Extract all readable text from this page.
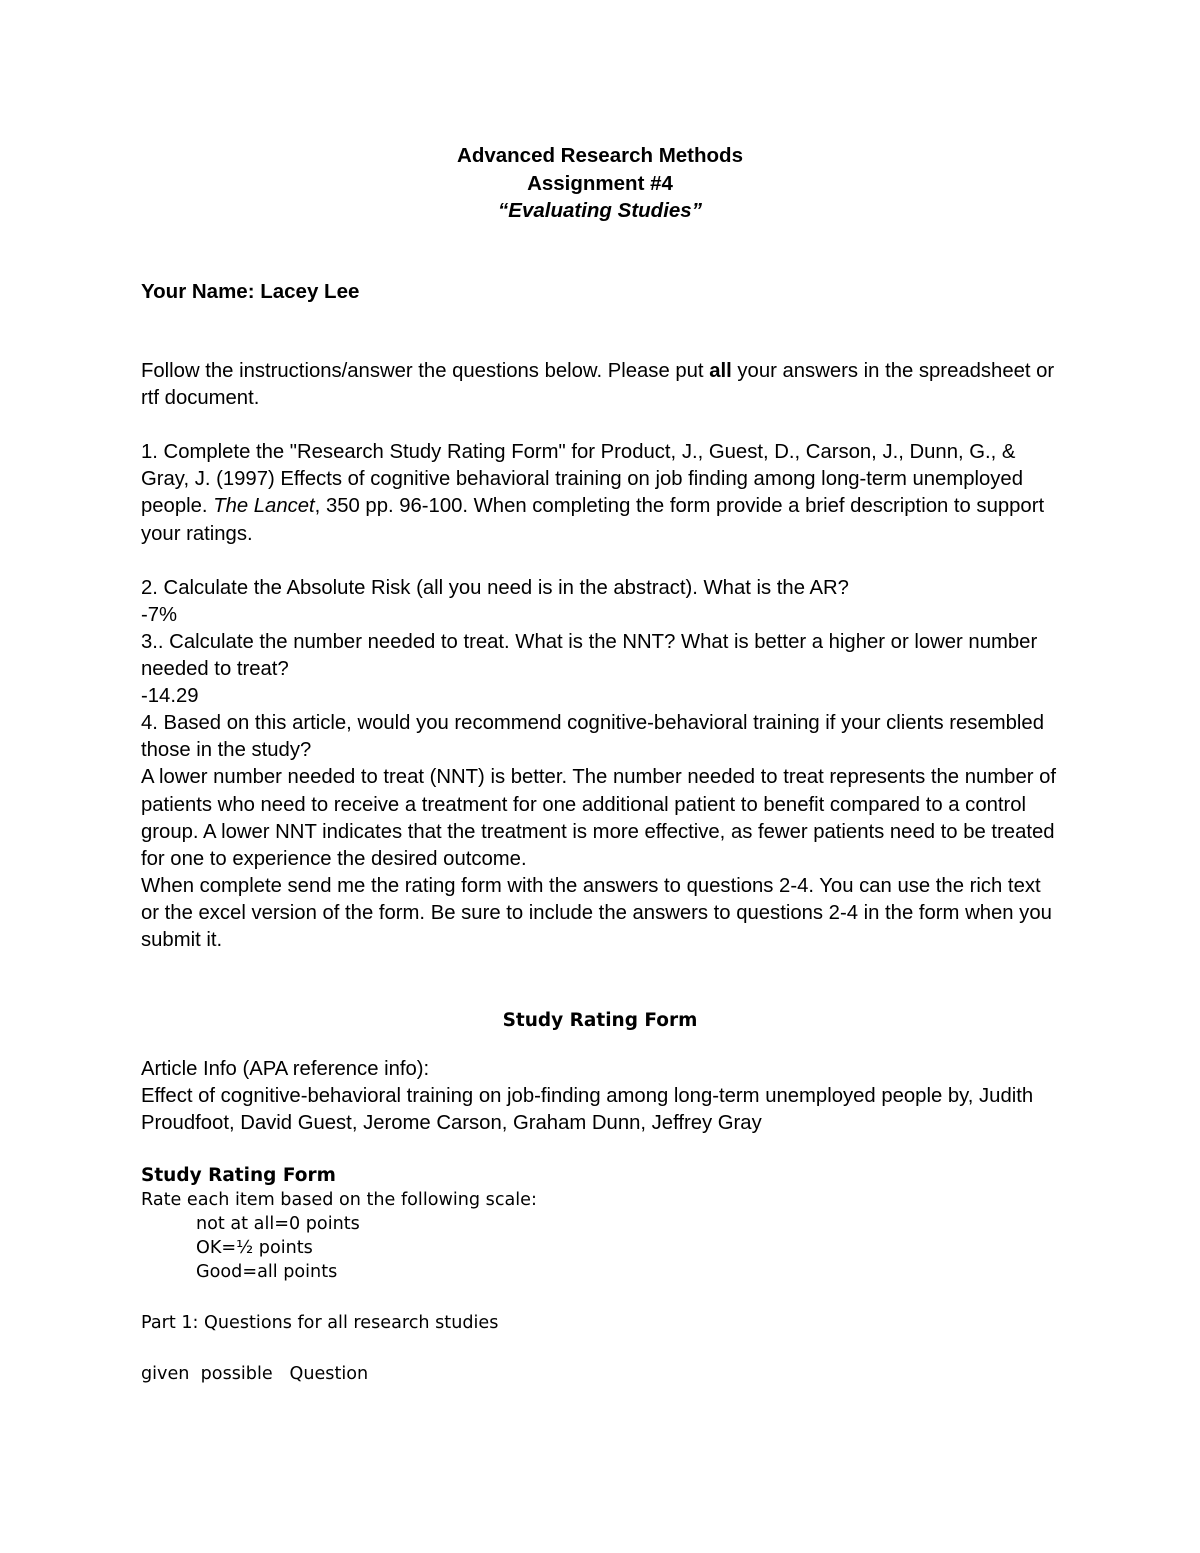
Advanced Research Methods
Assignment #4
“Evaluating Studies”
Your Name: Lacey Lee

Follow the instructions/answer the questions below. Please put all your answers in the spreadsheet or rtf document.

1. Complete the "Research Study Rating Form" for Product, J., Guest, D., Carson, J., Dunn, G., & Gray, J. (1997) Effects of cognitive behavioral training on job finding among long-term unemployed people. The Lancet, 350 pp. 96-100. When completing the form provide a brief description to support your ratings.

2. Calculate the Absolute Risk (all you need is in the abstract). What is the AR?

-7%

3.. Calculate the number needed to treat. What is the NNT? What is better a higher or lower number needed to treat?

-14.29

4. Based on this article, would you recommend cognitive-behavioral training if your clients resembled those in the study?

A lower number needed to treat (NNT) is better. The number needed to treat represents the number of patients who need to receive a treatment for one additional patient to benefit compared to a control group. A lower NNT indicates that the treatment is more effective, as fewer patients need to be treated for one to experience the desired outcome.

When complete send me the rating form with the answers to questions 2-4. You can use the rich text or the excel version of the form. Be sure to include the answers to questions 2-4 in the form when you submit it.

Study Rating Form

Article Info (APA reference info):

Effect of cognitive-behavioral training on job-finding among long-term unemployed people by, Judith Proudfoot, David Guest, Jerome Carson, Graham Dunn, Jeffrey Gray

Study Rating Form

Rate each item based on the following scale:

not at all=0 points

OK=½ points

Good=all points

Part 1: Questions for all research studies
given possible Question
